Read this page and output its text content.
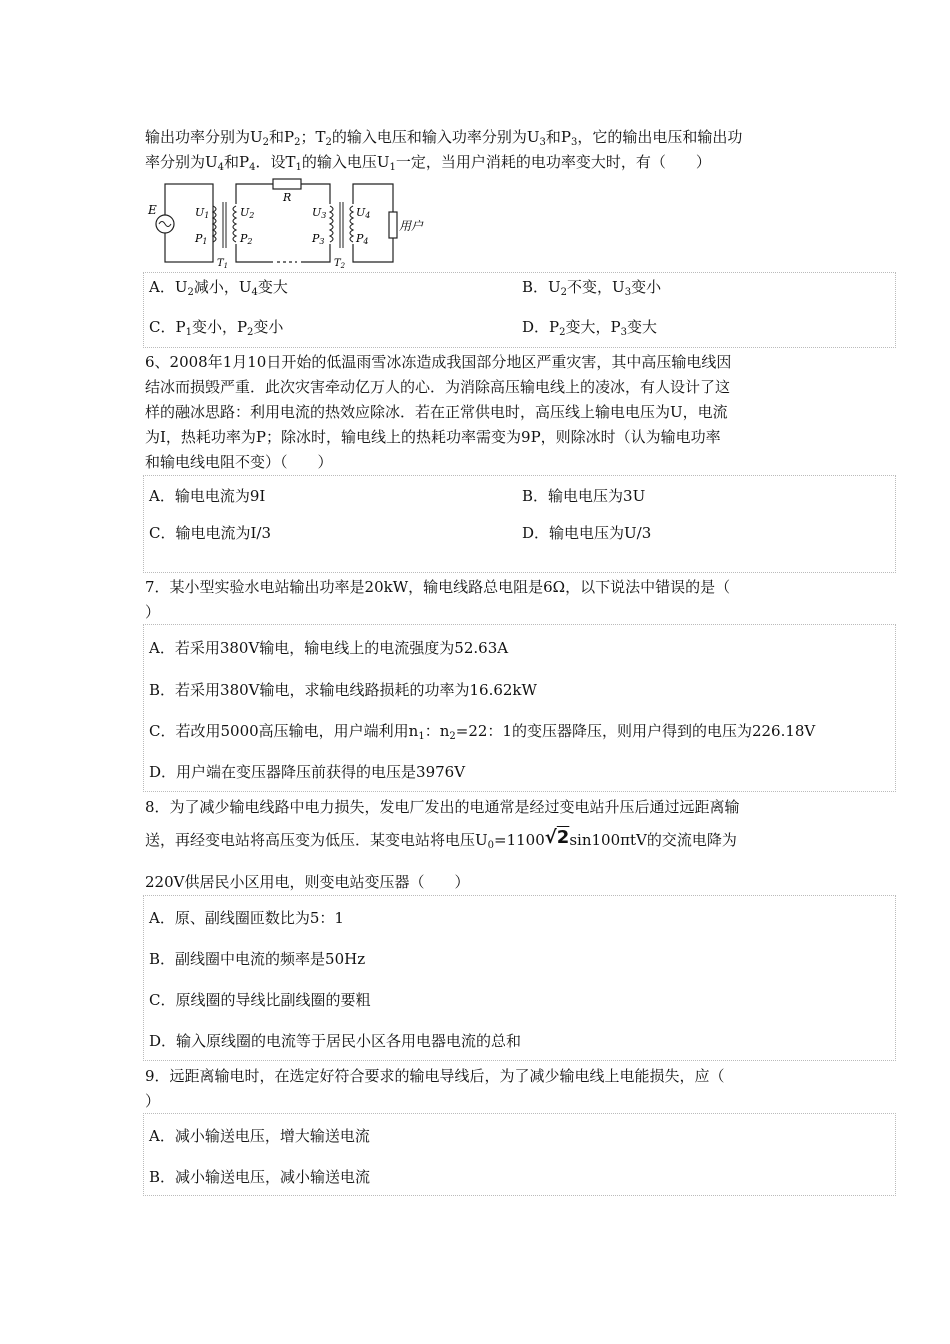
输出功率分别为$U_2$和$P_2$；$T_2$的输入电压和输入功率分别为$U_3$和$P_3$，它的输出电压和输出功
率分别为$U_4$和$P_4$．设$T_1$的输入电压$U_1$一定，当用户消耗的电功率变大时，有（　　）
E	U1
P1
U2
P2
$T_1$
R
U3
P3
U4
P4
$T_2$
用户
A．$U_2$减小，$U_4$变大	B．$U_2$不变，$U_3$变小
C．$P_1$变小，$P_2$变小	D．$P_2$变大，$P_3$变大
6、2008年1月10日开始的低温雨雪冰冻造成我国部分地区严重灾害，其中高压输电线因
结冰而损毁严重．此次灾害牵动亿万人的心．为消除高压输电线上的凌冰，有人设计了这
样的融冰思路：利用电流的热效应除冰．若在正常供电时，高压线上输电电压为U，电流
为I，热耗功率为P；除冰时，输电线上的热耗功率需变为9P，则除冰时（认为输电功率
和输电线电阻不变）（　　）
A．输电电流为9I	B．输电电压为3U
C．输电电流为I/3	D．输电电压为U/3
7．某小型实验水电站输出功率是20kW，输电线路总电阻是6Ω，以下说法中错误的是（
）
A．若采用380V输电，输电线上的电流强度为52.63A
B．若采用380V输电，求输电线路损耗的功率为16.62kW
C．若改用5000高压输电，用户端利用$n_1$：$n_2=22$：1的变压器降压，则用户得到的电压为226.18V
D．用户端在变压器降压前获得的电压是3976V
8．为了减少输电线路中电力损失，发电厂发出的电通常是经过变电站升压后通过远距离输
送，再经变电站将高压变为低压．某变电站将电压$U_0=1100√2\sin 100\pi tV$的交流电降为
220V供居民小区用电，则变电站变压器（　　）
A．原、副线圈匝数比为5：1
B．副线圈中电流的频率是50Hz
C．原线圈的导线比副线圈的要粗
D．输入原线圈的电流等于居民小区各用电器电流的总和
9．远距离输电时，在选定好符合要求的输电导线后，为了减少输电线上电能损失，应（
）
A．减小输送电压，增大输送电流
B．减小输送电压，减小输送电流
